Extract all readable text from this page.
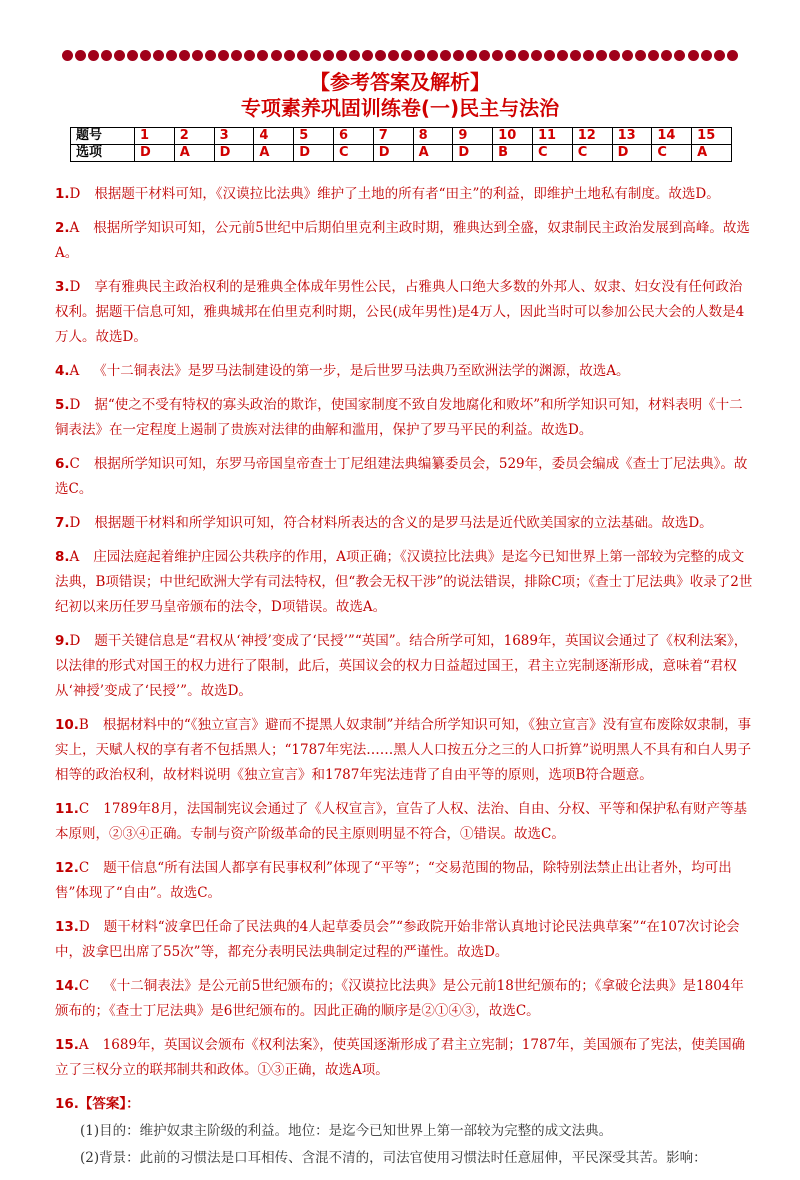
【参考答案及解析】
专项素养巩固训练卷(一)民主与法治
题号	1	2	3	4	5	6	7	8	9	10	11	12	13	14	15
选项	D	A	D	A	D	C	D	A	D	B	C	C	D	C	A
1.D 根据题干材料可知，《汉谟拉比法典》维护了土地的所有者“田主”的利益，即维护土地私有制度。故选D。
2.A 根据所学知识可知，公元前5世纪中后期伯里克利主政时期，雅典达到全盛，奴隶制民主政治发展到高峰。故选A。
3.D 享有雅典民主政治权利的是雅典全体成年男性公民，占雅典人口绝大多数的外邦人、奴隶、妇女没有任何政治权利。据题干信息可知，雅典城邦在伯里克利时期，公民(成年男性)是4万人，因此当时可以参加公民大会的人数是4万人。故选D。
4.A 《十二铜表法》是罗马法制建设的第一步，是后世罗马法典乃至欧洲法学的渊源，故选A。
5.D 据“使之不受有特权的寡头政治的欺诈，使国家制度不致自发地腐化和败坏”和所学知识可知，材料表明《十二铜表法》在一定程度上遏制了贵族对法律的曲解和滥用，保护了罗马平民的利益。故选D。
6.C 根据所学知识可知，东罗马帝国皇帝查士丁尼组建法典编纂委员会，529年，委员会编成《查士丁尼法典》。故选C。
7.D 根据题干材料和所学知识可知，符合材料所表达的含义的是罗马法是近代欧美国家的立法基础。故选D。
8.A 庄园法庭起着维护庄园公共秩序的作用，A项正确；《汉谟拉比法典》是迄今已知世界上第一部较为完整的成文法典，B项错误；中世纪欧洲大学有司法特权，但“教会无权干涉”的说法错误，排除C项；《查士丁尼法典》收录了2世纪初以来历任罗马皇帝颁布的法令，D项错误。故选A。
9.D 题干关键信息是“君权从‘神授’变成了‘民授’”“英国”。结合所学可知，1689年，英国议会通过了《权利法案》，以法律的形式对国王的权力进行了限制，此后，英国议会的权力日益超过国王，君主立宪制逐渐形成，意味着“君权从‘神授’变成了‘民授’”。故选D。
10.B 根据材料中的“《独立宣言》避而不提黑人奴隶制”并结合所学知识可知，《独立宣言》没有宣布废除奴隶制，事实上，天赋人权的享有者不包括黑人；“1787年宪法……黑人人口按五分之三的人口折算”说明黑人不具有和白人男子相等的政治权利，故材料说明《独立宣言》和1787年宪法违背了自由平等的原则，选项B符合题意。
11.C 1789年8月，法国制宪议会通过了《人权宣言》，宣告了人权、法治、自由、分权、平等和保护私有财产等基本原则，②③④正确。专制与资产阶级革命的民主原则明显不符合，①错误。故选C。
12.C 题干信息“所有法国人都享有民事权利”体现了“平等”；“交易范围的物品，除特别法禁止出让者外，均可出售”体现了“自由”。故选C。
13.D 题干材料“波拿巴任命了民法典的4人起草委员会”“参政院开始非常认真地讨论民法典草案”“在107次讨论会中，波拿巴出席了55次”等，都充分表明民法典制定过程的严谨性。故选D。
14.C 《十二铜表法》是公元前5世纪颁布的；《汉谟拉比法典》是公元前18世纪颁布的；《拿破仑法典》是1804年颁布的；《查士丁尼法典》是6世纪颁布的。因此正确的顺序是②①④③，故选C。
15.A 1689年，英国议会颁布《权利法案》，使英国逐渐形成了君主立宪制；1787年，美国颁布了宪法，使美国确立了三权分立的联邦制共和政体。①③正确，故选A项。
16.【答案】：
(1)目的：维护奴隶主阶级的利益。地位：是迄今已知世界上第一部较为完整的成文法典。
(2)背景：此前的习惯法是口耳相传、含混不清的，司法官使用习惯法时任意屈伸，平民深受其苦。影响：
